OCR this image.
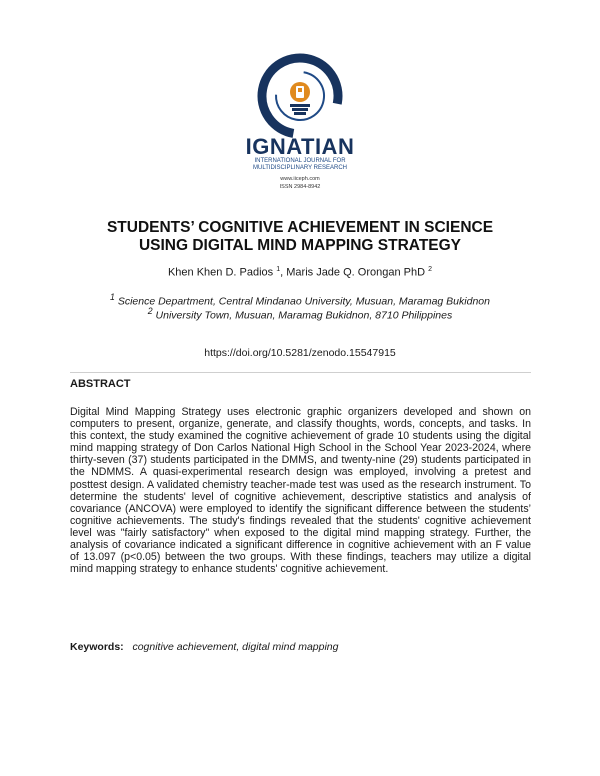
IGNATIAN
INTERNATIONAL JOURNAL FOR
MULTIDISCIPLINARY RESEARCH
www.iiceph.com
ISSN 2984-8942
STUDENTS’ COGNITIVE ACHIEVEMENT IN SCIENCE
USING DIGITAL MIND MAPPING STRATEGY
Khen Khen D. Padios $^1$, Maris Jade Q. Orongan PhD $^2$
$^1$ Science Department, Central Mindanao University, Musuan, Maramag Bukidnon
$^2$ University Town, Musuan, Maramag Bukidnon, 8710 Philippines
https://doi.org/10.5281/zenodo.15547915
ABSTRACT
Digital Mind Mapping Strategy uses electronic graphic organizers developed and shown on computers to present, organize, generate, and classify thoughts, words, concepts, and tasks. In this context, the study examined the cognitive achievement of grade 10 students using the digital mind mapping strategy of Don Carlos National High School in the School Year 2023-2024, where thirty-seven (37) students participated in the DMMS, and twenty-nine (29) students participated in the NDMMS. A quasi-experimental research design was employed, involving a pretest and posttest design. A validated chemistry teacher-made test was used as the research instrument. To determine the students' level of cognitive achievement, descriptive statistics and analysis of covariance (ANCOVA) were employed to identify the significant difference between the students’ cognitive achievements. The study's findings revealed that the students' cognitive achievement level was "fairly satisfactory" when exposed to the digital mind mapping strategy. Further, the analysis of covariance indicated a significant difference in cognitive achievement with an F value of 13.097 (p<0.05) between the two groups. With these findings, teachers may utilize a digital mind mapping strategy to enhance students' cognitive achievement.
Keywords: cognitive achievement, digital mind mapping
